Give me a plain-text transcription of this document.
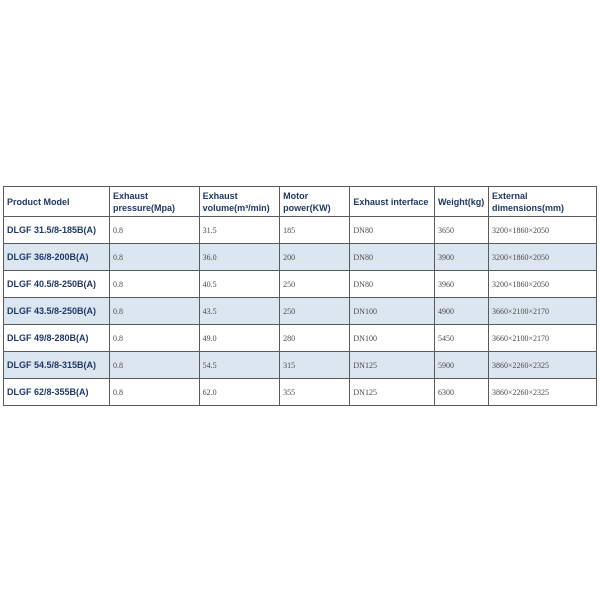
Product Model	Exhaust pressure(Mpa)	Exhaust volume(m³/min)	Motor power(KW)	Exhaust interface	Weight(kg)	External dimensions(mm)
DLGF 31.5/8-185B(A)	0.8	31.5	185	DN80	3650	3200×1860×2050
DLGF 36/8-200B(A)	0.8	36.0	200	DN80	3900	3200×1860×2050
DLGF 40.5/8-250B(A)	0.8	40.5	250	DN80	3960	3200×1860×2050
DLGF 43.5/8-250B(A)	0.8	43.5	250	DN100	4900	3660×2100×2170
DLGF 49/8-280B(A)	0.8	49.0	280	DN100	5450	3660×2100×2170
DLGF 54.5/8-315B(A)	0.8	54.5	315	DN125	5900	3860×2260×2325
DLGF 62/8-355B(A)	0.8	62.0	355	DN125	6300	3860×2260×2325
